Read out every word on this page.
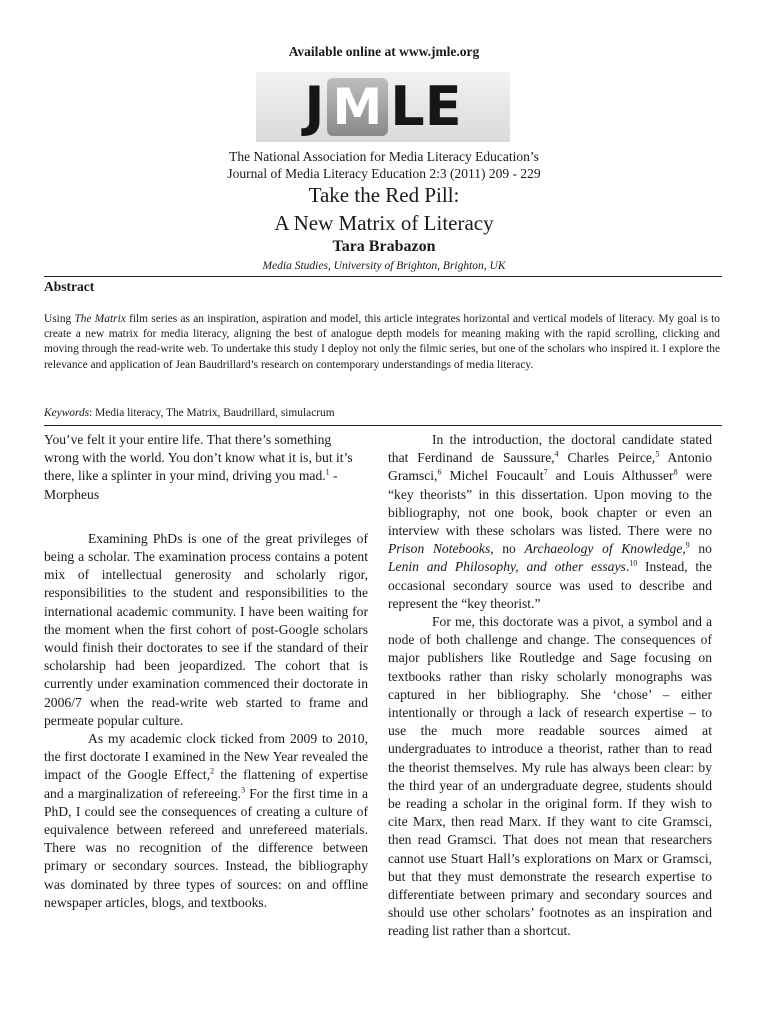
Available online at www.jmle.org
J M LE
The National Association for Media Literacy Education’s
Journal of Media Literacy Education 2:3 (2011) 209 - 229
Take the Red Pill:
A New Matrix of Literacy
Tara Brabazon
Media Studies, University of Brighton, Brighton, UK
Abstract
Using The Matrix film series as an inspiration, aspiration and model, this article integrates horizontal and vertical models of literacy. My goal is to create a new matrix for media literacy, aligning the best of analogue depth models for meaning making with the rapid scrolling, clicking and moving through the read-write web. To undertake this study I deploy not only the filmic series, but one of the scholars who inspired it. I explore the relevance and application of Jean Baudrillard’s research on contemporary understandings of media literacy.
Keywords: Media literacy, The Matrix, Baudrillard, simulacrum

You’ve felt it your entire life. That there’s something wrong with the world. You don’t know what it is, but it’s there, like a splinter in your mind, driving you mad.$^1$ - Morpheus

Examining PhDs is one of the great privileges of being a scholar. The examination process contains a potent mix of intellectual generosity and scholarly rigor, responsibilities to the student and responsibilities to the international academic community. I have been waiting for the moment when the first cohort of post-Google scholars would finish their doctorates to see if the standard of their scholarship had been jeopardized. The cohort that is currently under examination commenced their doctorate in 2006/7 when the read-write web started to frame and permeate popular culture.

As my academic clock ticked from 2009 to 2010, the first doctorate I examined in the New Year revealed the impact of the Google Effect,$^2$ the flattening of expertise and a marginalization of refereeing.$^3$ For the first time in a PhD, I could see the consequences of creating a culture of equivalence between refereed and unrefereed materials. There was no recognition of the difference between primary or secondary sources. Instead, the bibliography was dominated by three types of sources: on and offline newspaper articles, blogs, and textbooks.

In the introduction, the doctoral candidate stated that Ferdinand de Saussure,$^4$ Charles Peirce,$^5$ Antonio Gramsci,$^6$ Michel Foucault$^7$ and Louis Althusser$^8$ were “key theorists” in this dissertation. Upon moving to the bibliography, not one book, book chapter or even an interview with these scholars was listed. There were no Prison Notebooks, no Archaeology of Knowledge,$^9$ no Lenin and Philosophy, and other essays.$^{10}$ Instead, the occasional secondary source was used to describe and represent the “key theorist.”

For me, this doctorate was a pivot, a symbol and a node of both challenge and change. The consequences of major publishers like Routledge and Sage focusing on textbooks rather than risky scholarly monographs was captured in her bibliography. She ‘chose’ – either intentionally or through a lack of research expertise – to use the much more readable sources aimed at undergraduates to introduce a theorist, rather than to read the theorist themselves. My rule has always been clear: by the third year of an undergraduate degree, students should be reading a scholar in the original form. If they wish to cite Marx, then read Marx. If they want to cite Gramsci, then read Gramsci. That does not mean that researchers cannot use Stuart Hall’s explorations on Marx or Gramsci, but that they must demonstrate the research expertise to differentiate between primary and secondary sources and should use other scholars’ footnotes as an inspiration and reading list rather than a shortcut.
